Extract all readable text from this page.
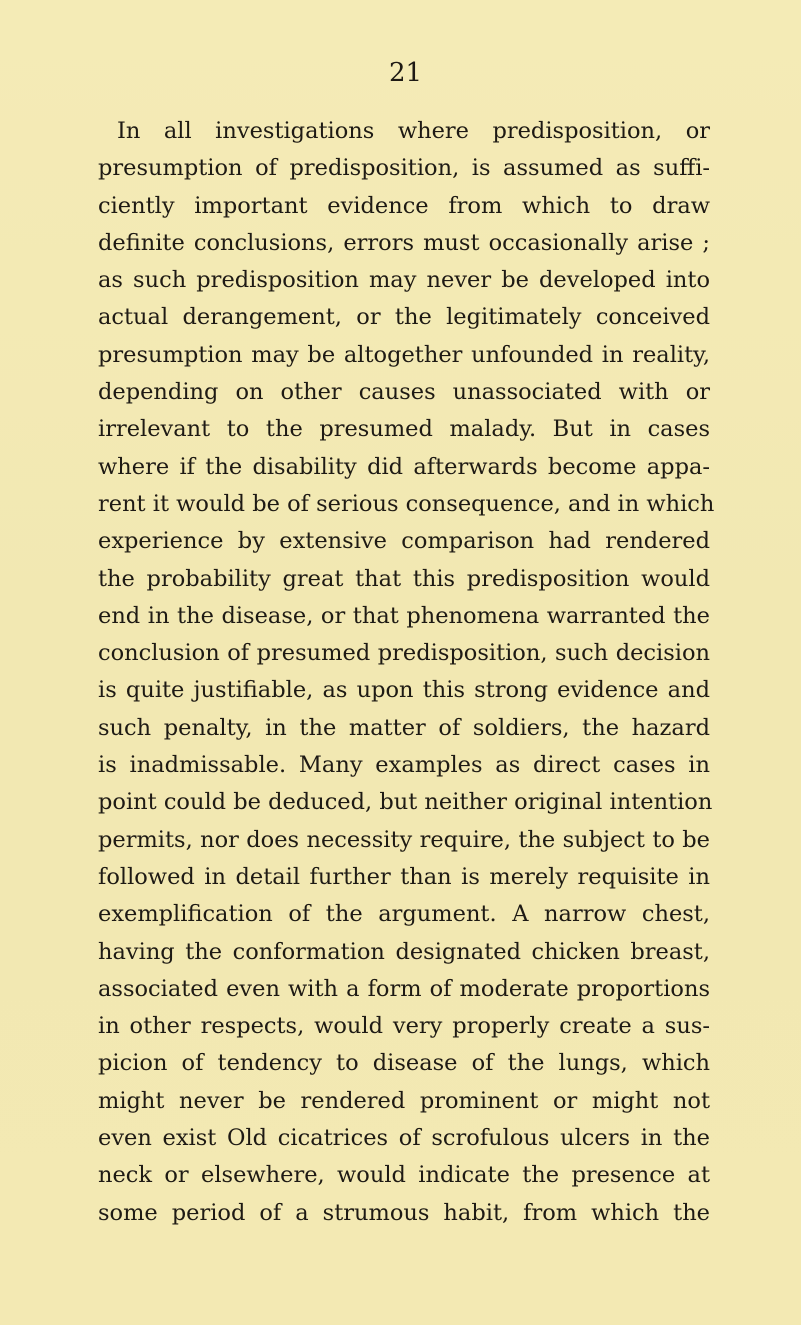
21
In all investigations where predisposition, or
presumption of predisposition, is assumed as suffi-
ciently important evidence from which to draw
definite conclusions, errors must occasionally arise ;
as such predisposition may never be developed into
actual derangement, or the legitimately conceived
presumption may be altogether unfounded in reality,
depending on other causes unassociated with or
irrelevant to the presumed malady. But in cases
where if the disability did afterwards become appa-
rent it would be of serious consequence, and in which
experience by extensive comparison had rendered
the probability great that this predisposition would
end in the disease, or that phenomena warranted the
conclusion of presumed predisposition, such decision
is quite justifiable, as upon this strong evidence and
such penalty, in the matter of soldiers, the hazard
is inadmissable. Many examples as direct cases in
point could be deduced, but neither original intention
permits, nor does necessity require, the subject to be
followed in detail further than is merely requisite in
exemplification of the argument. A narrow chest,
having the conformation designated chicken breast,
associated even with a form of moderate proportions
in other respects, would very properly create a sus-
picion of tendency to disease of the lungs, which
might never be rendered prominent or might not
even exist Old cicatrices of scrofulous ulcers in the
neck or elsewhere, would indicate the presence at
some period of a strumous habit, from which the
